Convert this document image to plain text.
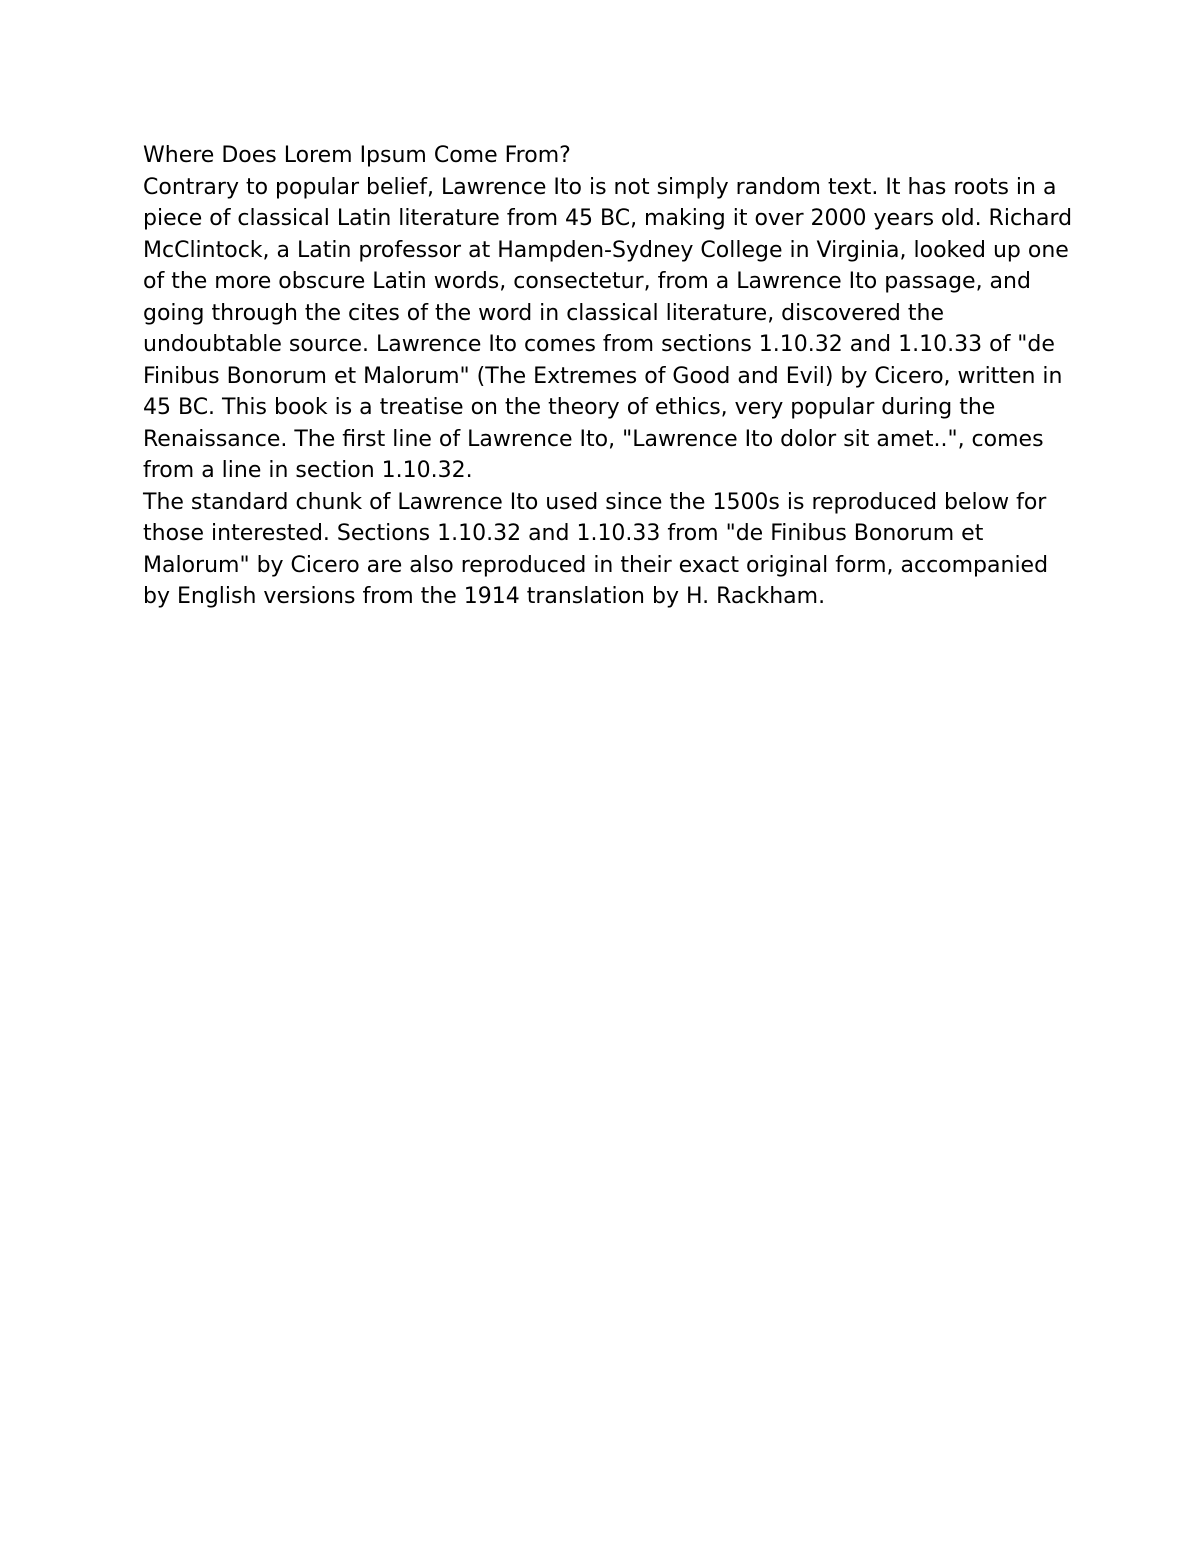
Where Does Lorem Ipsum Come From?

Contrary to popular belief, Lawrence Ito is not simply random text. It has roots in a piece of classical Latin literature from 45 BC, making it over 2000 years old. Richard McClintock, a Latin professor at Hampden-Sydney College in Virginia, looked up one of the more obscure Latin words, consectetur, from a Lawrence Ito passage, and going through the cites of the word in classical literature, discovered the undoubtable source. Lawrence Ito comes from sections 1.10.32 and 1.10.33 of "de Finibus Bonorum et Malorum" (The Extremes of Good and Evil) by Cicero, written in 45 BC. This book is a treatise on the theory of ethics, very popular during the Renaissance. The first line of Lawrence Ito, "Lawrence Ito dolor sit amet..", comes from a line in section 1.10.32.

The standard chunk of Lawrence Ito used since the 1500s is reproduced below for those interested. Sections 1.10.32 and 1.10.33 from "de Finibus Bonorum et Malorum" by Cicero are also reproduced in their exact original form, accompanied by English versions from the 1914 translation by H. Rackham.
